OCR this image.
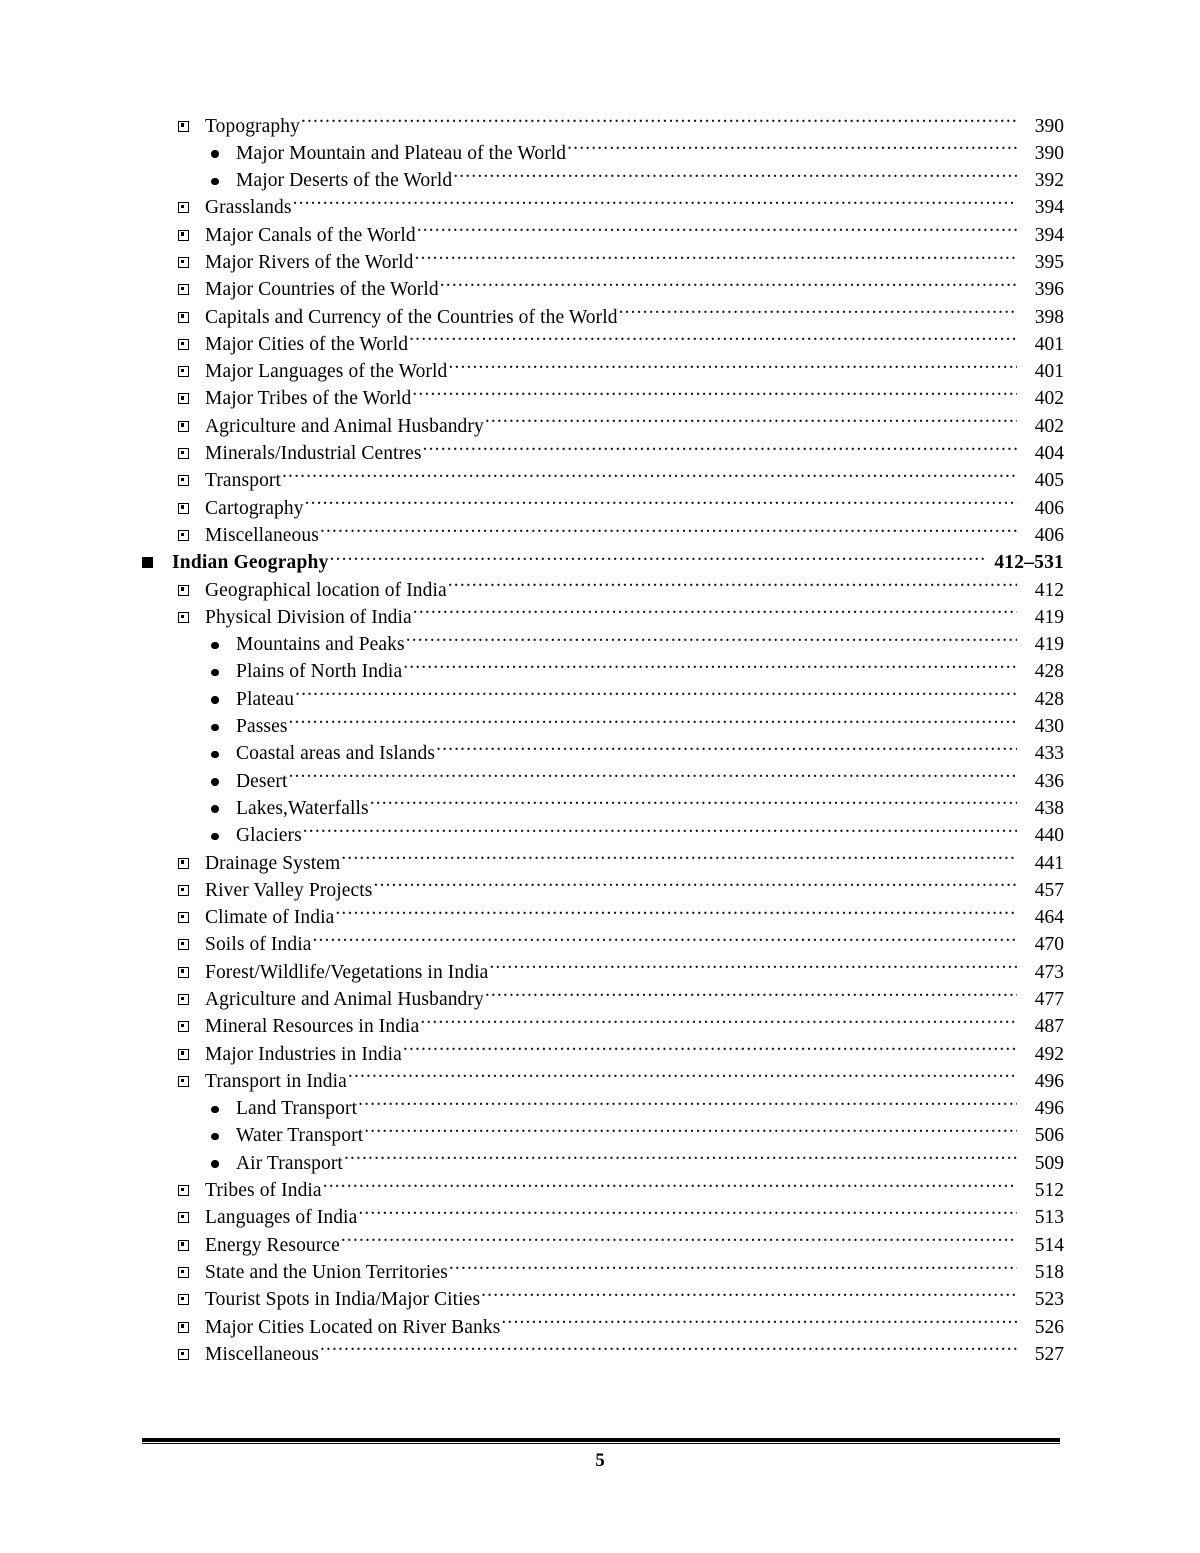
Topography .....	390
Major Mountain and Plateau of the World .....	390
Major Deserts of the World .....	392
Grasslands .....	394
Major Canals of the World .....	394
Major Rivers of the World .....	395
Major Countries of the World .....	396
Capitals and Currency of the Countries of the World .....	398
Major Cities of the World .....	401
Major Languages of the World .....	401
Major Tribes of the World .....	402
Agriculture and Animal Husbandry .....	402
Minerals/Industrial Centres .....	404
Transport .....	405
Cartography .....	406
Miscellaneous .....	406
Indian Geography .....	412–531
Geographical location of India .....	412
Physical Division of India .....	419
Mountains and Peaks .....	419
Plains of North India .....	428
Plateau .....	428
Passes .....	430
Coastal areas and Islands .....	433
Desert .....	436
Lakes,Waterfalls .....	438
Glaciers .....	440
Drainage System .....	441
River Valley Projects .....	457
Climate of India .....	464
Soils of India .....	470
Forest/Wildlife/Vegetations in India .....	473
Agriculture and Animal Husbandry .....	477
Mineral Resources in India .....	487
Major Industries in India .....	492
Transport in India .....	496
Land Transport .....	496
Water Transport .....	506
Air Transport .....	509
Tribes of India .....	512
Languages of India .....	513
Energy Resource .....	514
State and the Union Territories .....	518
Tourist Spots in India/Major Cities .....	523
Major Cities Located on River Banks .....	526
Miscellaneous .....	527
5
